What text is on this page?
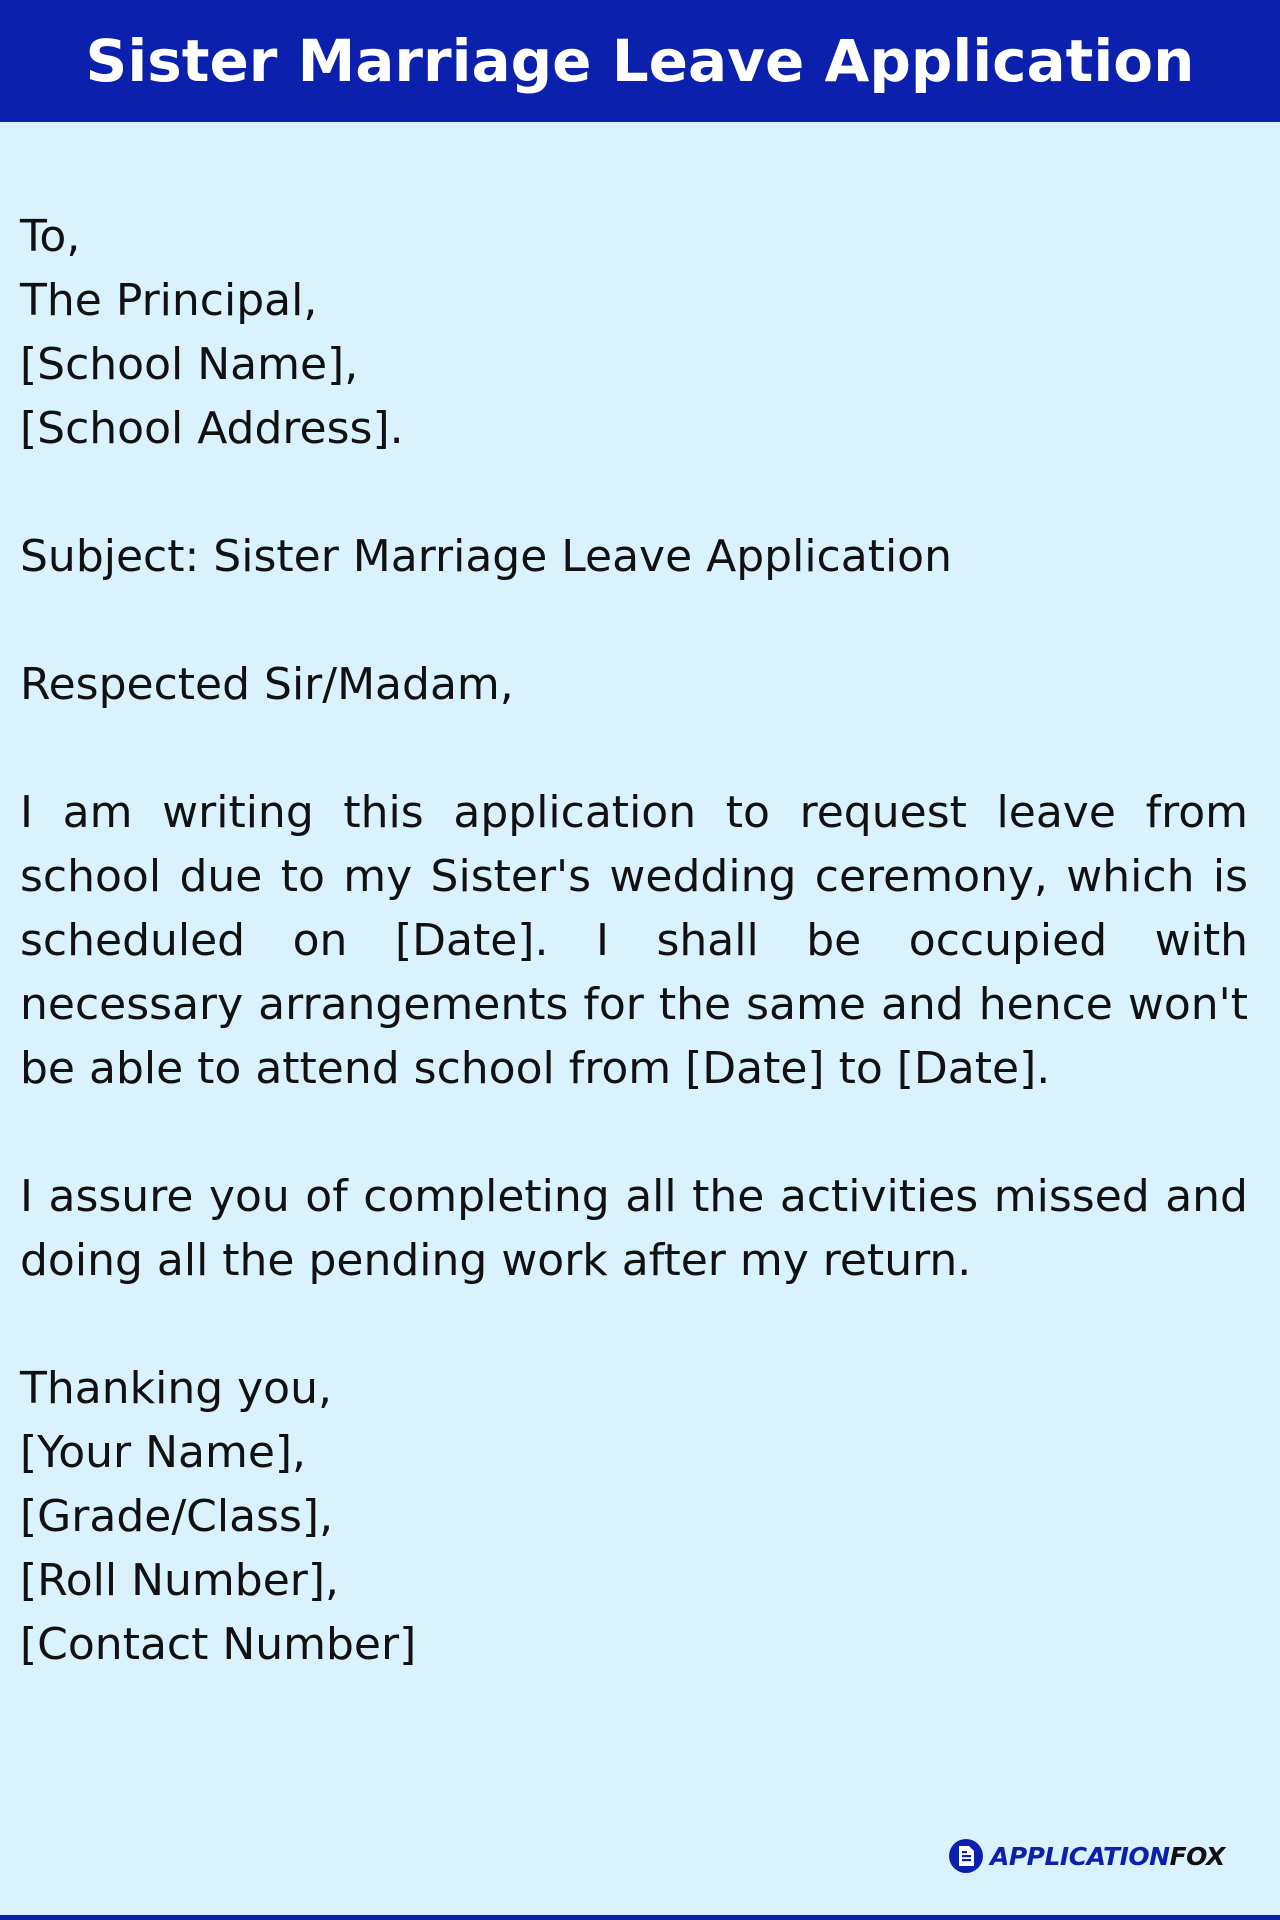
Sister Marriage Leave Application
To,
The Principal,
[School Name],
[School Address].
Subject: Sister Marriage Leave Application
Respected Sir/Madam,
I am writing this application to request leave from school due to my Sister's wedding ceremony, which is scheduled on [Date]. I shall be occupied with necessary arrangements for the same and hence won't be able to attend school from [Date] to [Date].
I assure you of completing all the activities missed and doing all the pending work after my return.
Thanking you,
[Your Name],
[Grade/Class],
[Roll Number],
[Contact Number]
APPLICATIONFOX
